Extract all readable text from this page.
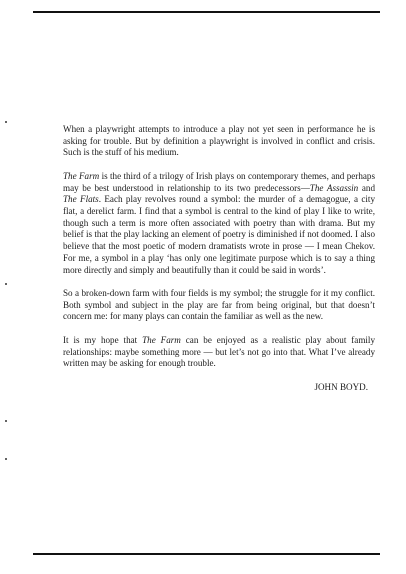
When a playwright attempts to introduce a play not yet seen in performance he is asking for trouble. But by definition a playwright is involved in conflict and crisis. Such is the stuff of his medium.

The Farm is the third of a trilogy of Irish plays on contemporary themes, and perhaps may be best understood in relationship to its two predecessors—The Assassin and The Flats. Each play revolves round a symbol: the murder of a demagogue, a city flat, a derelict farm. I find that a symbol is central to the kind of play I like to write, though such a term is more often associated with poetry than with drama. But my belief is that the play lacking an element of poetry is diminished if not doomed. I also believe that the most poetic of modern dramatists wrote in prose — I mean Chekov. For me, a symbol in a play ‘has only one legitimate purpose which is to say a thing more directly and simply and beautifully than it could be said in words’.

So a broken-down farm with four fields is my symbol; the struggle for it my conflict. Both symbol and subject in the play are far from being original, but that doesn’t concern me: for many plays can contain the familiar as well as the new.

It is my hope that The Farm can be enjoyed as a realistic play about family relationships: maybe something more — but let’s not go into that. What I’ve already written may be asking for enough trouble.

JOHN BOYD.
